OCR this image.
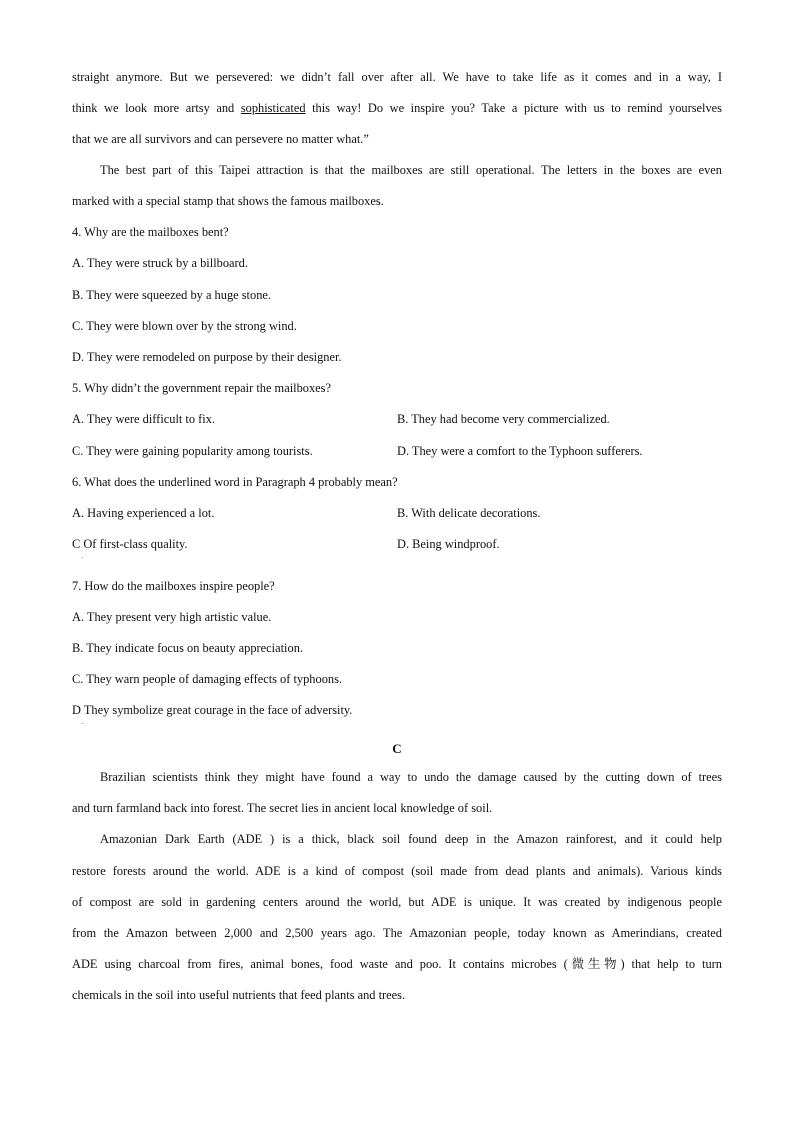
straight anymore. But we persevered: we didn’t fall over after all. We have to take life as it comes and in a way, I
think we look more artsy and sophisticated this way! Do we inspire you? Take a picture with us to remind yourselves
that we are all survivors and can persevere no matter what.”
The best part of this Taipei attraction is that the mailboxes are still operational. The letters in the boxes are even
marked with a special stamp that shows the famous mailboxes.
4. Why are the mailboxes bent?
A. They were struck by a billboard.
B. They were squeezed by a huge stone.
C. They were blown over by the strong wind.
D. They were remodeled on purpose by their designer.
5. Why didn’t the government repair the mailboxes?
A. They were difficult to fix.	B. They had become very commercialized.
C. They were gaining popularity among tourists.	D. They were a comfort to the Typhoon sufferers.
6. What does the underlined word in Paragraph 4 probably mean?
A. Having experienced a lot.	B. With delicate decorations.
C Of first-class quality.	D. Being windproof.
·
7. How do the mailboxes inspire people?
A. They present very high artistic value.
B. They indicate focus on beauty appreciation.
C. They warn people of damaging effects of typhoons.
D They symbolize great courage in the face of adversity.
·
C
Brazilian scientists think they might have found a way to undo the damage caused by the cutting down of trees
and turn farmland back into forest. The secret lies in ancient local knowledge of soil.
Amazonian Dark Earth (ADE ) is a thick, black soil found deep in the Amazon rainforest, and it could help
restore forests around the world. ADE is a kind of compost (soil made from dead plants and animals). Various kinds
of compost are sold in gardening centers around the world, but ADE is unique. It was created by indigenous people
from the Amazon between 2,000 and 2,500 years ago. The Amazonian people, today known as Amerindians, created
ADE using charcoal from fires, animal bones, food waste and poo. It contains microbes (微生物) that help to turn
chemicals in the soil into useful nutrients that feed plants and trees.
